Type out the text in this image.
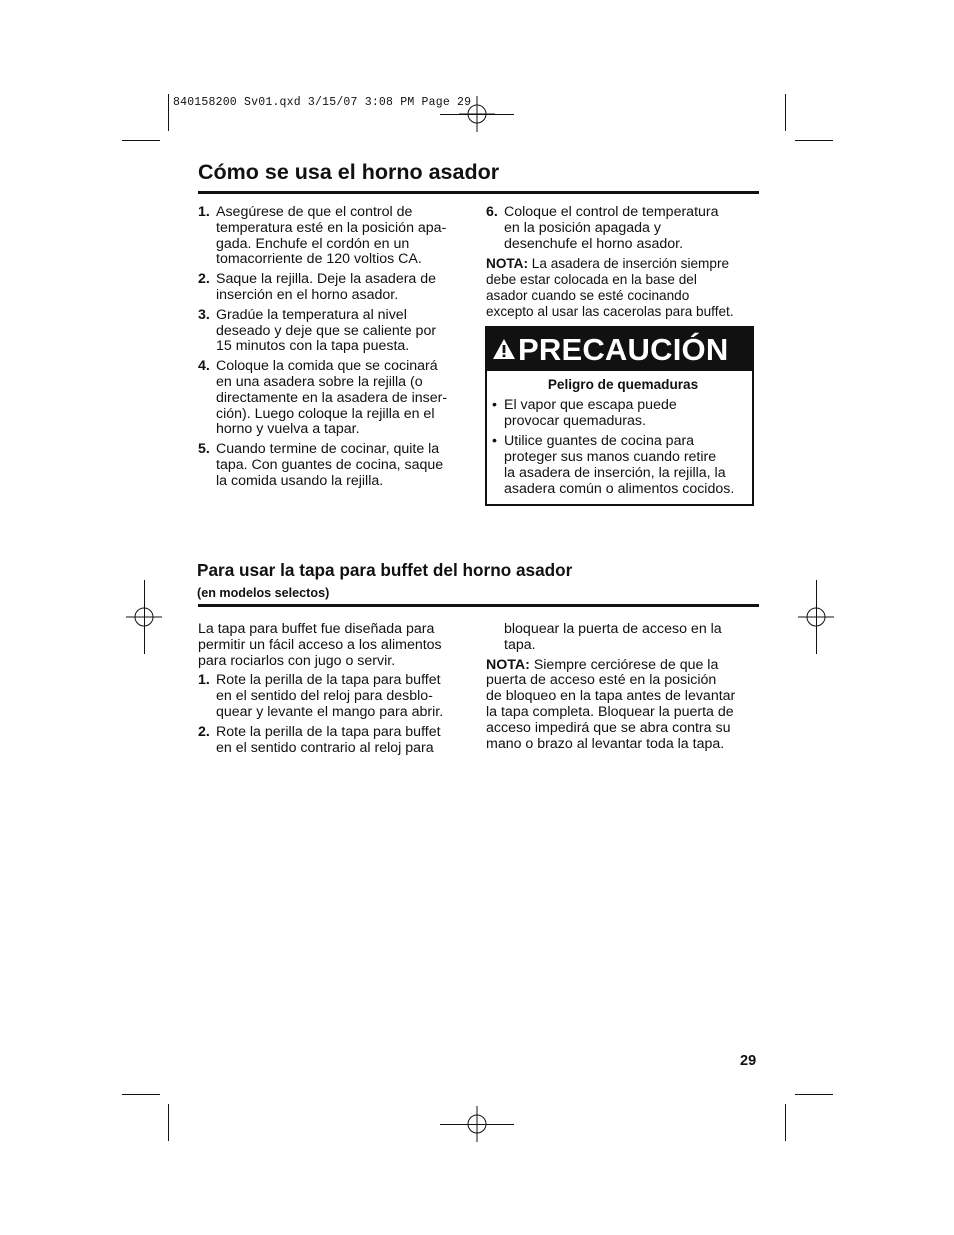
840158200 Sv01.qxd 3/15/07 3:08 PM Page 29
Cómo se usa el horno asador
1. Asegúrese de que el control de
temperatura esté en la posición apa-
gada. Enchufe el cordón en un
tomacorriente de 120 voltios CA.
2. Saque la rejilla. Deje la asadera de
inserción en el horno asador.
3. Gradúe la temperatura al nivel
deseado y deje que se caliente por
15 minutos con la tapa puesta.
4. Coloque la comida que se cocinará
en una asadera sobre la rejilla (o
directamente en la asadera de inser-
ción). Luego coloque la rejilla en el
horno y vuelva a tapar.
5. Cuando termine de cocinar, quite la
tapa. Con guantes de cocina, saque
la comida usando la rejilla.
6. Coloque el control de temperatura
en la posición apagada y
desenchufe el horno asador.
NOTA: La asadera de inserción siempre
debe estar colocada en la base del
asador cuando se esté cocinando
excepto al usar las cacerolas para buffet.
PRECAUCIÓN
Peligro de quemaduras
• El vapor que escapa puede
provocar quemaduras.
• Utilice guantes de cocina para
proteger sus manos cuando retire
la asadera de inserción, la rejilla, la
asadera común o alimentos cocidos.
Para usar la tapa para buffet del horno asador
(en modelos selectos)
La tapa para buffet fue diseñada para
permitir un fácil acceso a los alimentos
para rociarlos con jugo o servir.
1. Rote la perilla de la tapa para buffet
en el sentido del reloj para desblo-
quear y levante el mango para abrir.
2. Rote la perilla de la tapa para buffet
en el sentido contrario al reloj para
bloquear la puerta de acceso en la
tapa.
NOTA: Siempre cerciórese de que la
puerta de acceso esté en la posición
de bloqueo en la tapa antes de levantar
la tapa completa. Bloquear la puerta de
acceso impedirá que se abra contra su
mano o brazo al levantar toda la tapa.
29
